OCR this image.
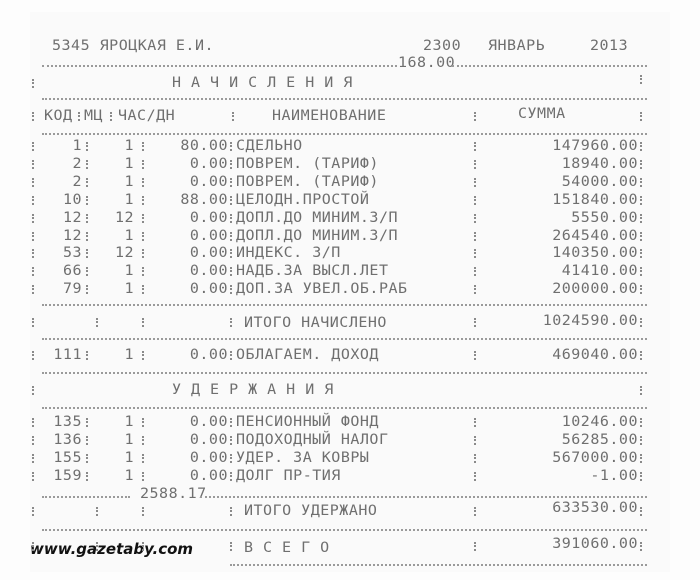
5345 ЯРОЦКАЯ Е.И.	2300 ЯНВАРЬ	2013
168.00
НАЧИСЛЕНИЯ
КОД МЦ ЧАС/ДН	НАИМЕНОВАНИЕ	СУММА
1	1	80.00 СДЕЛЬНО	147960.00
2	1	0.00 ПОВРЕМ. (ТАРИФ)	18940.00
2	1	0.00 ПОВРЕМ. (ТАРИФ)	54000.00
10	1	88.00 ЦЕЛОДН.ПРОСТОЙ	151840.00
12	12	0.00 ДОПЛ.ДО МИНИМ.З/П	5550.00
12	1	0.00 ДОПЛ.ДО МИНИМ.З/П	264540.00
53	12	0.00 ИНДЕКС. З/П	140350.00
66	1	0.00 НАДБ.ЗА ВЫСЛ.ЛЕТ	41410.00
79	1	0.00 ДОП.ЗА УВЕЛ.ОБ.РАБ	200000.00
ИТОГО НАЧИСЛЕНО	1024590.00
111	1	0.00 ОБЛАГАЕМ. ДОХОД	469040.00
УДЕРЖАНИЯ
135	1	0.00 ПЕНСИОННЫЙ ФОНД	10246.00
136	1	0.00 ПОДОХОДНЫЙ НАЛОГ	56285.00
155	1	0.00 УДЕР. ЗА КОВРЫ	567000.00
159	1	0.00 ДОЛГ ПР-ТИЯ	-1.00
2588.17
ИТОГО УДЕРЖАНО	633530.00
ВСЕГО	391060.00
www.gazetaby.com
